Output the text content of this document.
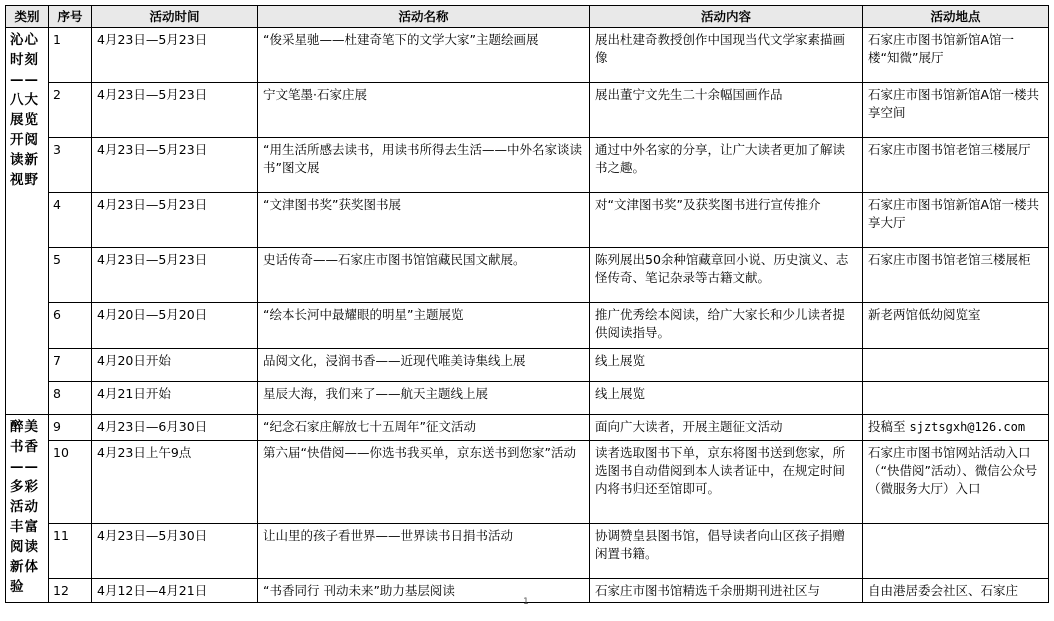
类别	序号	活动时间	活动名称	活动内容	活动地点
沁心时刻——八大展览开阅读新视野	1	4月23日—5月23日	“俊采星驰——杜建奇笔下的文学大家”主题绘画展	展出杜建奇教授创作中国现当代文学家素描画像	石家庄市图书馆新馆A馆一楼“知微”展厅
	2	4月23日—5月23日	宁文笔墨·石家庄展	展出董宁文先生二十余幅国画作品	石家庄市图书馆新馆A馆一楼共享空间
	3	4月23日—5月23日	“用生活所感去读书，用读书所得去生活——中外名家谈读书”图文展	通过中外名家的分享，让广大读者更加了解读书之趣。	石家庄市图书馆老馆三楼展厅
	4	4月23日—5月23日	“文津图书奖”获奖图书展	对“文津图书奖”及获奖图书进行宣传推介	石家庄市图书馆新馆A馆一楼共享大厅
	5	4月23日—5月23日	史话传奇——石家庄市图书馆馆藏民国文献展。	陈列展出50余种馆藏章回小说、历史演义、志怪传奇、笔记杂录等古籍文献。	石家庄市图书馆老馆三楼展柜
	6	4月20日—5月20日	“绘本长河中最耀眼的明星”主题展览	推广优秀绘本阅读，给广大家长和少儿读者提供阅读指导。	新老两馆低幼阅览室
	7	4月20日开始	品阅文化，浸润书香——近现代唯美诗集线上展	线上展览	
	8	4月21日开始	星辰大海，我们来了——航天主题线上展	线上展览	
醉美书香——多彩活动丰富阅读新体验	9	4月23日—6月30日	“纪念石家庄解放七十五周年”征文活动	面向广大读者，开展主题征文活动	投稿至 sjztsgxh@126.com
	10	4月23日上午9点	第六届“快借阅——你选书我买单，京东送书到您家”活动	读者选取图书下单，京东将图书送到您家，所选图书自动借阅到本人读者证中，在规定时间内将书归还至馆即可。	石家庄市图书馆网站活动入口（“快借阅”活动）、微信公众号（微服务大厅）入口
	11	4月23日—5月30日	让山里的孩子看世界——世界读书日捐书活动	协调赞皇县图书馆，倡导读者向山区孩子捐赠闲置书籍。	
	12	4月12日—4月21日	“书香同行 刊动未来”助力基层阅读	石家庄市图书馆精选千余册期刊进社区与	自由港居委会社区、石家庄
1
